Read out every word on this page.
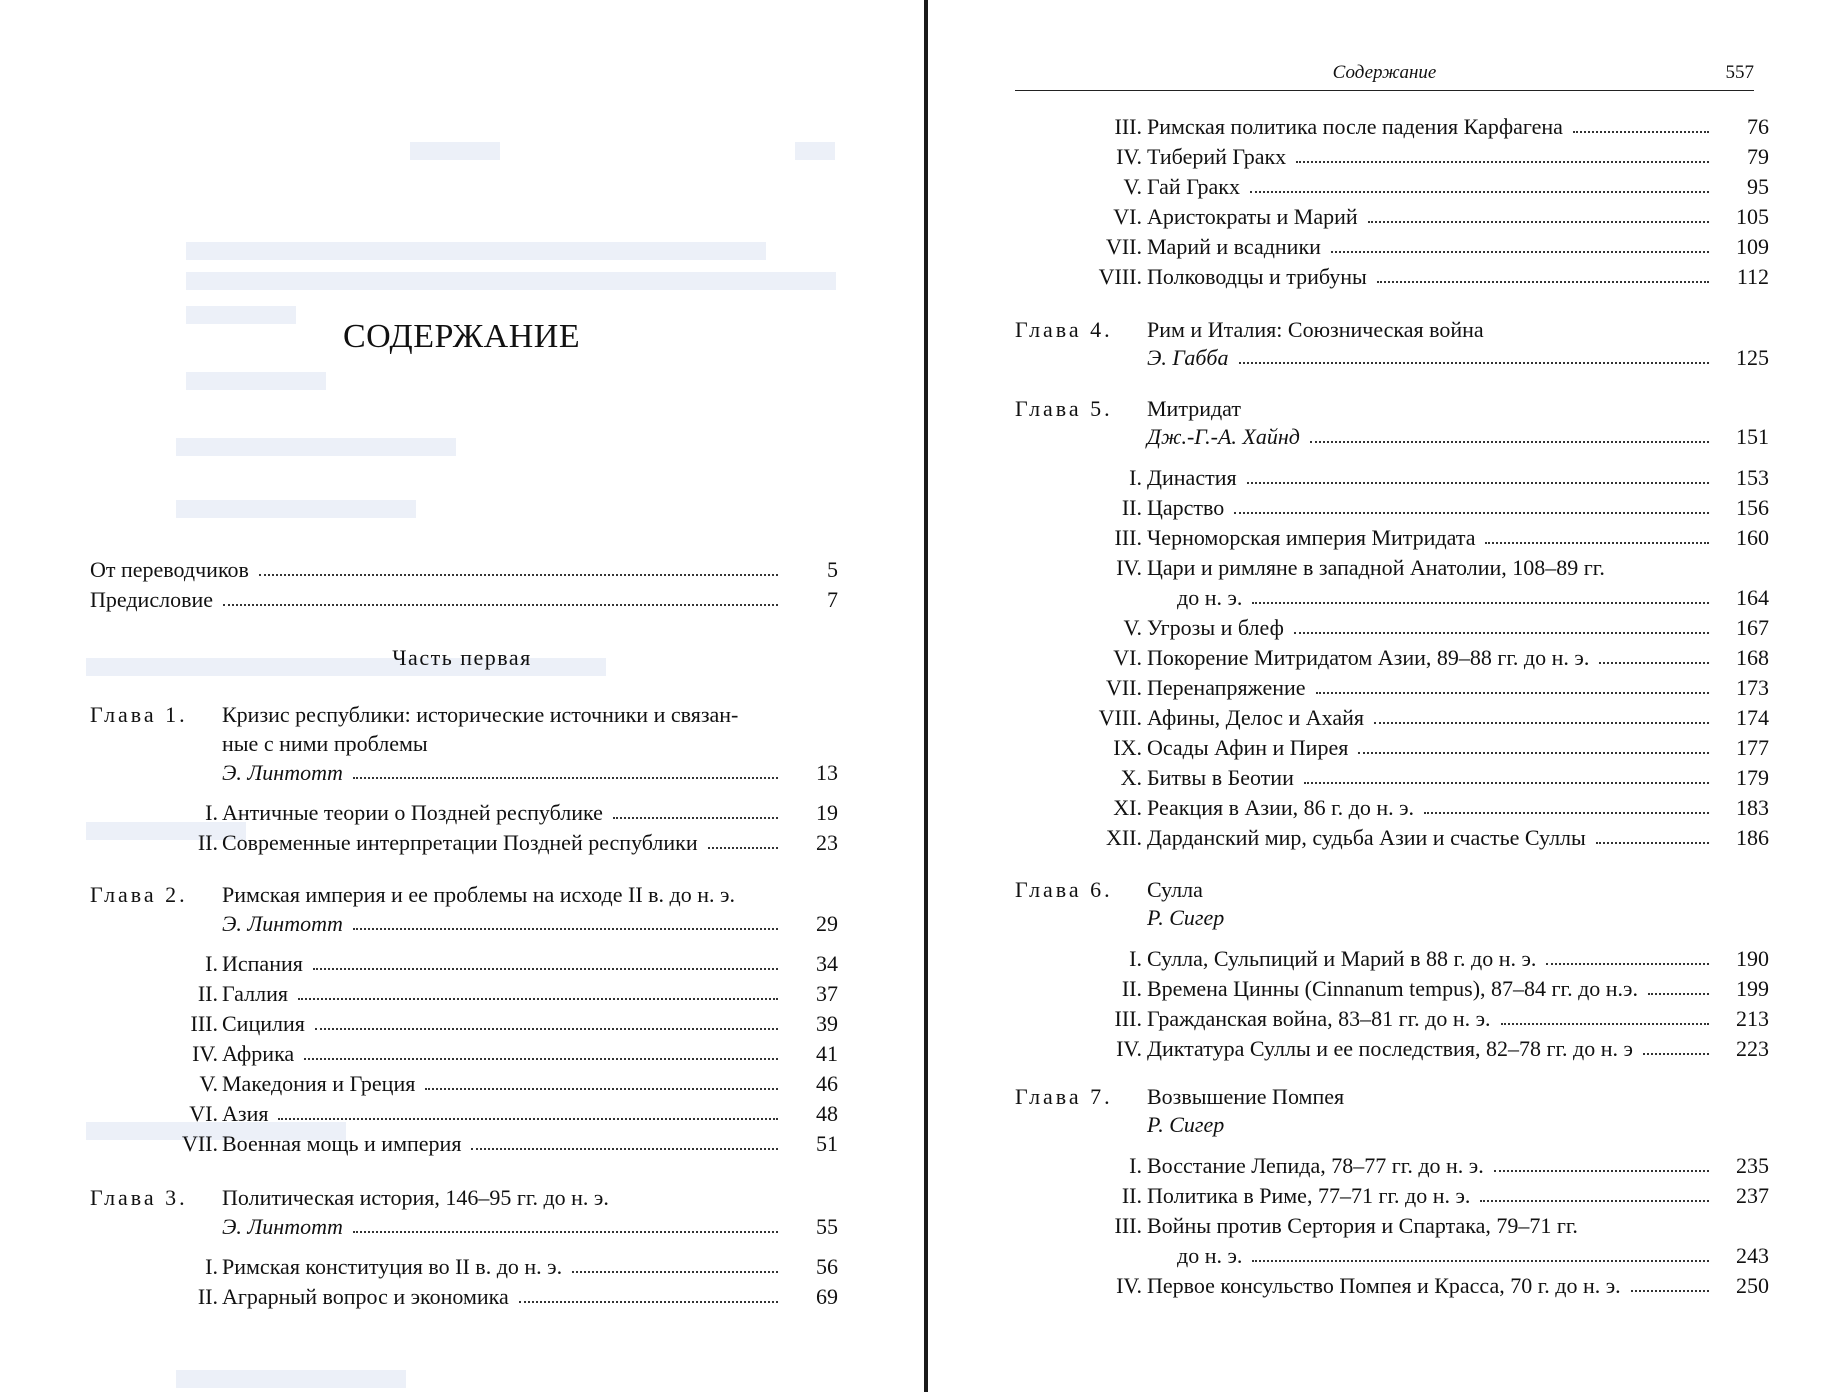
СОДЕРЖАНИЕ
От переводчиков	5
Предисловие	7
Часть первая
Глава 1. Кризис республики: исторические источники и связан-
ные с ними проблемы
Э. Линтотт	13
I. Античные теории о Поздней республике	19
II. Современные интерпретации Поздней республики	23
Глава 2. Римская империя и ее проблемы на исходе II в. до н. э.
Э. Линтотт	29
I. Испания	34
II. Галлия	37
III. Сицилия	39
IV. Африка	41
V. Македония и Греция	46
VI. Азия	48
VII. Военная мощь и империя	51
Глава 3. Политическая история, 146–95 гг. до н. э.
Э. Линтотт	55
I. Римская конституция во II в. до н. э.	56
II. Аграрный вопрос и экономика	69
Содержание	557
III. Римская политика после падения Карфагена	76
IV. Тиберий Гракх	79
V. Гай Гракх	95
VI. Аристократы и Марий	105
VII. Марий и всадники	109
VIII. Полководцы и трибуны	112
Глава 4. Рим и Италия: Союзническая война
Э. Габба	125
Глава 5. Митридат
Дж.-Г.-А. Хайнд	151
I. Династия	153
II. Царство	156
III. Черноморская империя Митридата	160
IV. Цари и римляне в западной Анатолии, 108–89 гг.
до н. э.	164
V. Угрозы и блеф	167
VI. Покорение Митридатом Азии, 89–88 гг. до н. э.	168
VII. Перенапряжение	173
VIII. Афины, Делос и Ахайя	174
IX. Осады Афин и Пирея	177
X. Битвы в Беотии	179
XI. Реакция в Азии, 86 г. до н. э.	183
XII. Дарданский мир, судьба Азии и счастье Суллы	186
Глава 6. Сулла
Р. Сигер
I. Сулла, Сульпиций и Марий в 88 г. до н. э.	190
II. Времена Цинны (Cinnanum tempus), 87–84 гг. до н.э.	199
III. Гражданская война, 83–81 гг. до н. э.	213
IV. Диктатура Суллы и ее последствия, 82–78 гг. до н. э	223
Глава 7. Возвышение Помпея
Р. Сигер
I. Восстание Лепида, 78–77 гг. до н. э.	235
II. Политика в Риме, 77–71 гг. до н. э.	237
III. Войны против Сертория и Спартака, 79–71 гг.
до н. э.	243
IV. Первое консульство Помпея и Красса, 70 г. до н. э.	250
